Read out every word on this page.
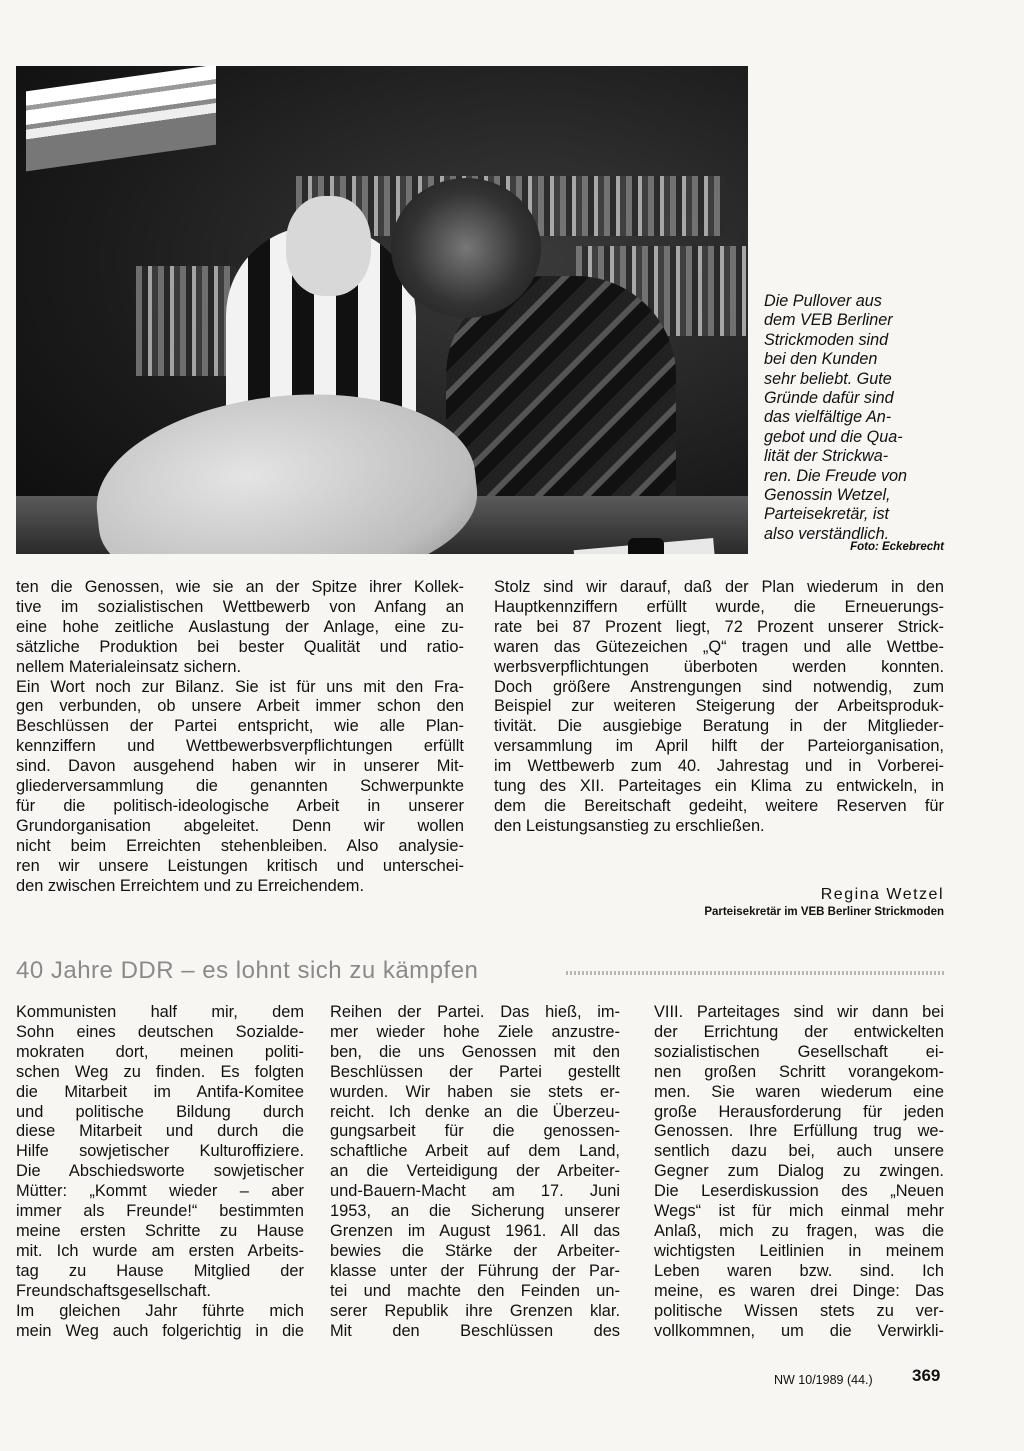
Die Pullover aus
dem VEB Berliner
Strickmoden sind
bei den Kunden
sehr beliebt. Gute
Gründe dafür sind
das vielfältige An-
gebot und die Qua-
lität der Strickwa-
ren. Die Freude von
Genossin Wetzel,
Parteisekretär, ist
also verständlich.
Foto: Eckebrecht
ten die Genossen, wie sie an der Spitze ihrer Kollek-
tive im sozialistischen Wettbewerb von Anfang an
eine hohe zeitliche Auslastung der Anlage, eine zu-
sätzliche Produktion bei bester Qualität und ratio-
nellem Materialeinsatz sichern.
Ein Wort noch zur Bilanz. Sie ist für uns mit den Fra-
gen verbunden, ob unsere Arbeit immer schon den
Beschlüssen der Partei entspricht, wie alle Plan-
kennziffern und Wettbewerbsverpflichtungen erfüllt
sind. Davon ausgehend haben wir in unserer Mit-
gliederversammlung die genannten Schwerpunkte
für die politisch-ideologische Arbeit in unserer
Grundorganisation abgeleitet. Denn wir wollen
nicht beim Erreichten stehenbleiben. Also analysie-
ren wir unsere Leistungen kritisch und unterschei-
den zwischen Erreichtem und zu Erreichendem.
Stolz sind wir darauf, daß der Plan wiederum in den
Hauptkennziffern erfüllt wurde, die Erneuerungs-
rate bei 87 Prozent liegt, 72 Prozent unserer Strick-
waren das Gütezeichen „Q“ tragen und alle Wettbe-
werbsverpflichtungen überboten werden konnten.
Doch größere Anstrengungen sind notwendig, zum
Beispiel zur weiteren Steigerung der Arbeitsproduk-
tivität. Die ausgiebige Beratung in der Mitglieder-
versammlung im April hilft der Parteiorganisation,
im Wettbewerb zum 40. Jahrestag und in Vorberei-
tung des XII. Parteitages ein Klima zu entwickeln, in
dem die Bereitschaft gedeiht, weitere Reserven für
den Leistungsanstieg zu erschließen.
Regina Wetzel
Parteisekretär im VEB Berliner Strickmoden
40 Jahre DDR – es lohnt sich zu kämpfen
Kommunisten half mir, dem
Sohn eines deutschen Sozialde-
mokraten dort, meinen politi-
schen Weg zu finden. Es folgten
die Mitarbeit im Antifa-Komitee
und politische Bildung durch
diese Mitarbeit und durch die
Hilfe sowjetischer Kulturoffiziere.
Die Abschiedsworte sowjetischer
Mütter: „Kommt wieder – aber
immer als Freunde!“ bestimmten
meine ersten Schritte zu Hause
mit. Ich wurde am ersten Arbeits-
tag zu Hause Mitglied der
Freundschaftsgesellschaft.
Im gleichen Jahr führte mich
mein Weg auch folgerichtig in die
Reihen der Partei. Das hieß, im-
mer wieder hohe Ziele anzustre-
ben, die uns Genossen mit den
Beschlüssen der Partei gestellt
wurden. Wir haben sie stets er-
reicht. Ich denke an die Überzeu-
gungsarbeit für die genossen-
schaftliche Arbeit auf dem Land,
an die Verteidigung der Arbeiter-
und-Bauern-Macht am 17. Juni
1953, an die Sicherung unserer
Grenzen im August 1961. All das
bewies die Stärke der Arbeiter-
klasse unter der Führung der Par-
tei und machte den Feinden un-
serer Republik ihre Grenzen klar.
Mit den Beschlüssen des
VIII. Parteitages sind wir dann bei
der Errichtung der entwickelten
sozialistischen Gesellschaft ei-
nen großen Schritt vorangekom-
men. Sie waren wiederum eine
große Herausforderung für jeden
Genossen. Ihre Erfüllung trug we-
sentlich dazu bei, auch unsere
Gegner zum Dialog zu zwingen.
Die Leserdiskussion des „Neuen
Wegs“ ist für mich einmal mehr
Anlaß, mich zu fragen, was die
wichtigsten Leitlinien in meinem
Leben waren bzw. sind. Ich
meine, es waren drei Dinge: Das
politische Wissen stets zu ver-
vollkommnen, um die Verwirkli-
NW 10/1989 (44.) 369
